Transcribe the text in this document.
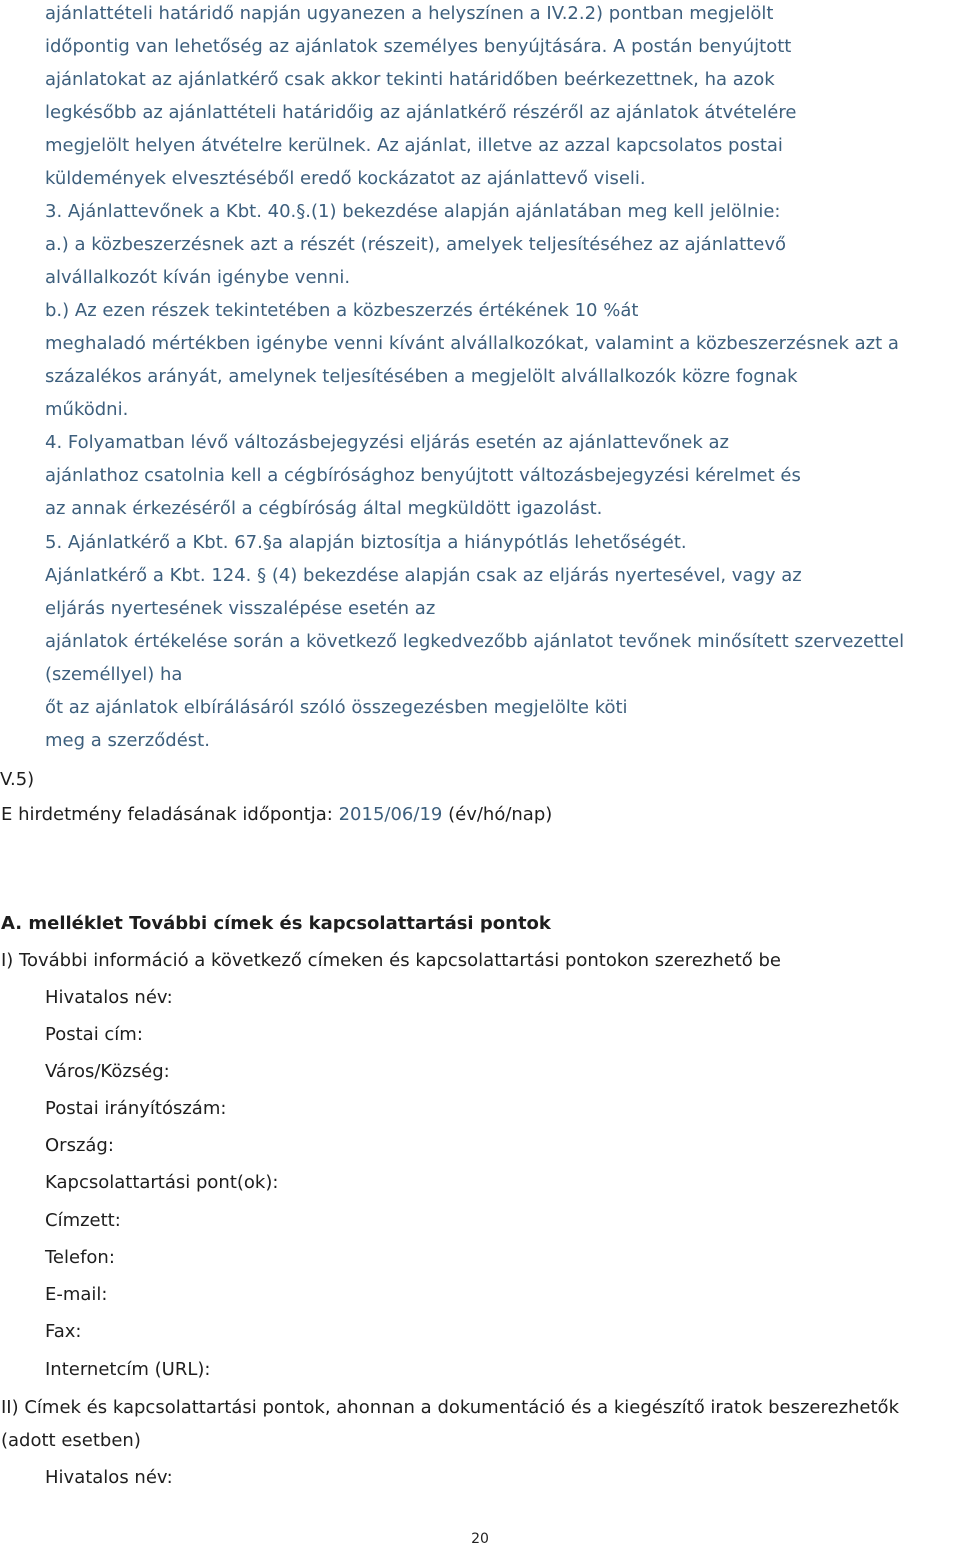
ajánlattételi határidő napján ugyanezen a helyszínen a IV.2.2) pontban megjelölt
időpontig van lehetőség az ajánlatok személyes benyújtására. A postán benyújtott
ajánlatokat az ajánlatkérő csak akkor tekinti határidőben beérkezettnek, ha azok
legkésőbb az ajánlattételi határidőig az ajánlatkérő részéről az ajánlatok átvételére
megjelölt helyen átvételre kerülnek. Az ajánlat, illetve az azzal kapcsolatos postai
küldemények elvesztéséből eredő kockázatot az ajánlattevő viseli.
3. Ajánlattevőnek a Kbt. 40.§.(1) bekezdése alapján ajánlatában meg kell jelölnie:
a.) a közbeszerzésnek azt a részét (részeit), amelyek teljesítéséhez az ajánlattevő
alvállalkozót kíván igénybe venni.
b.) Az ezen részek tekintetében a közbeszerzés értékének 10 %át
meghaladó mértékben igénybe venni kívánt alvállalkozókat, valamint a közbeszerzésnek azt a
százalékos arányát, amelynek teljesítésében a megjelölt alvállalkozók közre fognak
működni.
4. Folyamatban lévő változásbejegyzési eljárás esetén az ajánlattevőnek az
ajánlathoz csatolnia kell a cégbírósághoz benyújtott változásbejegyzési kérelmet és
az annak érkezéséről a cégbíróság által megküldött igazolást.
5. Ajánlatkérő a Kbt. 67.§a alapján biztosítja a hiánypótlás lehetőségét.
Ajánlatkérő a Kbt. 124. § (4) bekezdése alapján csak az eljárás nyertesével, vagy az
eljárás nyertesének visszalépése esetén az
ajánlatok értékelése során a következő legkedvezőbb ajánlatot tevőnek minősített szervezettel
(személlyel) ha
őt az ajánlatok elbírálásáról szóló összegezésben megjelölte köti
meg a szerződést.
V.5)
E hirdetmény feladásának időpontja: 2015/06/19 (év/hó/nap)
A. melléklet További címek és kapcsolattartási pontok
I) További információ a következő címeken és kapcsolattartási pontokon szerezhető be
Hivatalos név:
Postai cím:
Város/Község:
Postai irányítószám:
Ország:
Kapcsolattartási pont(ok):
Címzett:
Telefon:
E-mail:
Fax:
Internetcím (URL):
II) Címek és kapcsolattartási pontok, ahonnan a dokumentáció és a kiegészítő iratok beszerezhetők
(adott esetben)
Hivatalos név:
20
